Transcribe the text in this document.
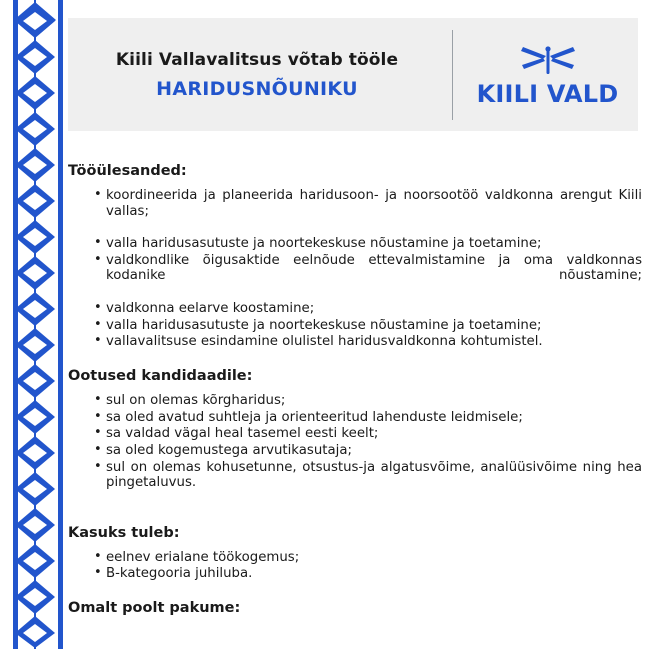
Kiili Vallavalitsus võtab tööle
HARIDUSNÕUNIKU	KIILI VALD
Tööülesanded:
• koordineerida ja planeerida haridusoon- ja noorsootöö valdkonna arengut Kiili vallas;
• valla haridusasutuste ja noortekeskuse nõustamine ja toetamine;
• valdkondlike õigusaktide eelnõude ettevalmistamine ja oma valdkonnas kodanike nõustamine;
• valdkonna eelarve koostamine;
• valla haridusasutuste ja noortekeskuse nõustamine ja toetamine;
• vallavalitsuse esindamine olulistel haridusvaldkonna kohtumistel.
Ootused kandidaadile:
• sul on olemas kõrgharidus;
• sa oled avatud suhtleja ja orienteeritud lahenduste leidmisele;
• sa valdad vägal heal tasemel eesti keelt;
• sa oled kogemustega arvutikasutaja;
• sul on olemas kohusetunne, otsustus-ja algatusvõime, analüüsivõime ning hea pingetaluvus.
Kasuks tuleb:
• eelnev erialane töökogemus;
• B-kategooria juhiluba.
Omalt poolt pakume:
